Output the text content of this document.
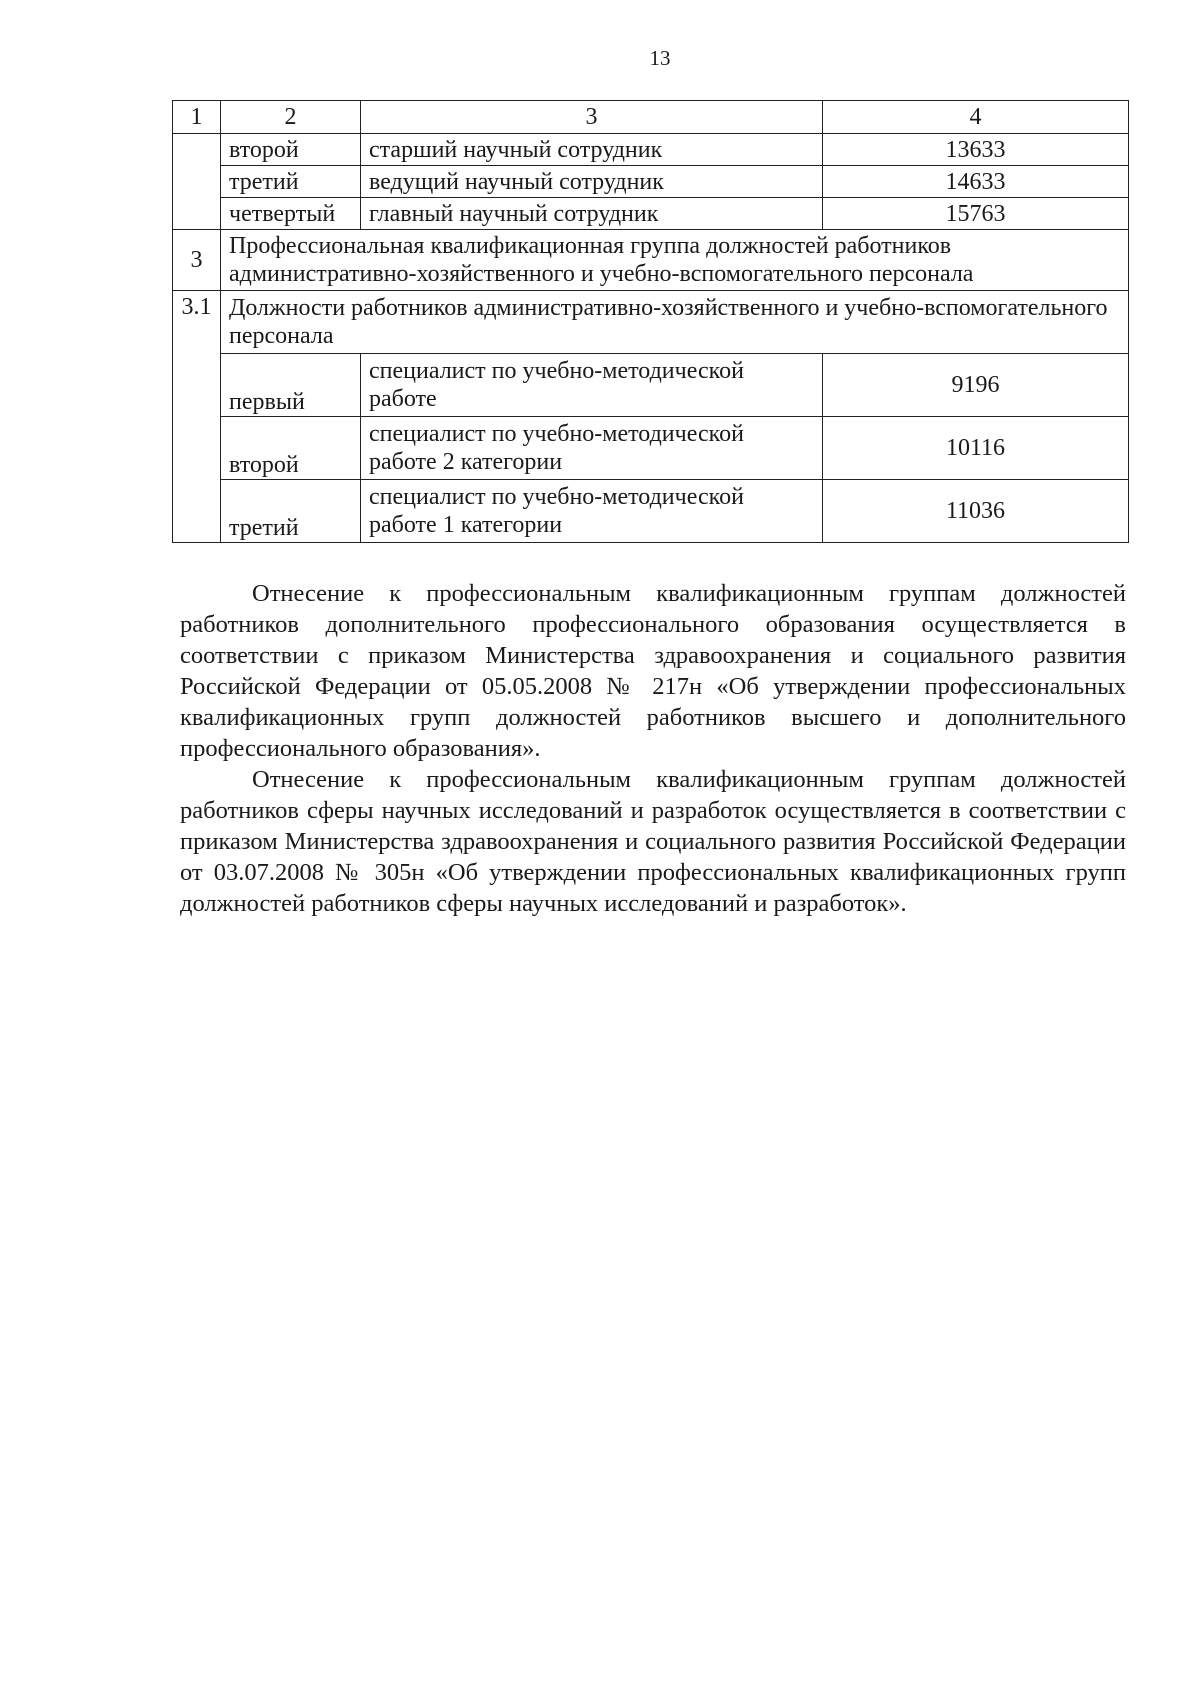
13
1	2	3	4
	второй	старший научный сотрудник	13633
	третий	ведущий научный сотрудник	14633
	четвертый	главный научный сотрудник	15763
3	Профессиональная квалификационная группа должностей работников административно-хозяйственного и учебно-вспомогательного персонала		
3.1	Должности работников административно-хозяйственного и учебно-вспомогательного персонала		
	первый	специалист по учебно-методической работе	9196
	второй	специалист по учебно-методической работе 2 категории	10116
	третий	специалист по учебно-методической работе 1 категории	11036

Отнесение к профессиональным квалификационным группам должностей работников дополнительного профессионального образования осуществляется в соответствии с приказом Министерства здравоохранения и социального развития Российской Федерации от 05.05.2008 № 217н «Об утверждении профессиональных квалификационных групп должностей работников высшего и дополнительного профессионального образования».

Отнесение к профессиональным квалификационным группам должностей работников сферы научных исследований и разработок осуществляется в соответствии с приказом Министерства здравоохранения и социального развития Российской Федерации от 03.07.2008 № 305н «Об утверждении профессиональных квалификационных групп должностей работников сферы научных исследований и разработок».
